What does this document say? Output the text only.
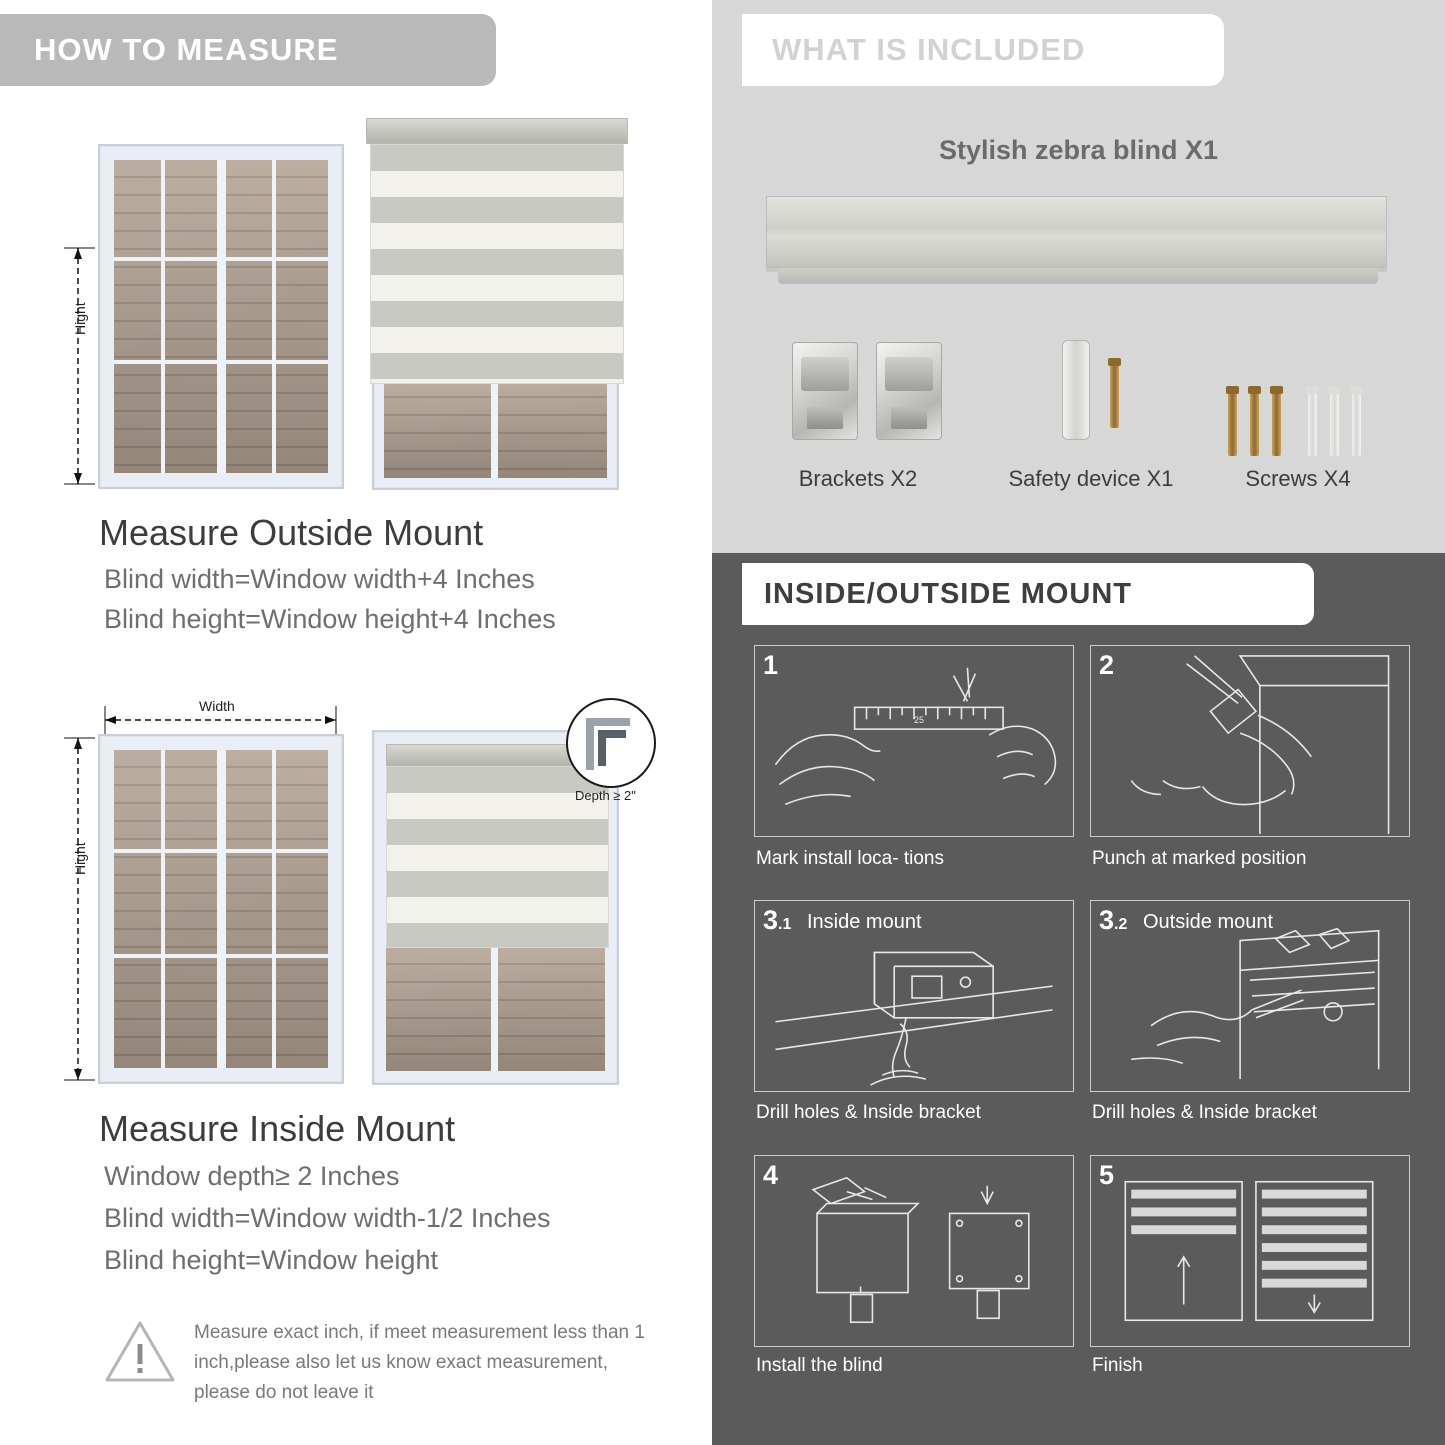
HOW TO MEASURE
Hight
Measure Outside Mount
Blind width=Window width+4 Inches
Blind height=Window height+4 Inches
Width
Hight
Depth ≥ 2"
Measure Inside Mount
Window depth≥ 2 Inches
Blind width=Window width-1/2 Inches
Blind height=Window height
Measure exact inch, if meet measurement less than 1 inch,please also let us know exact measurement, please do not leave it
WHAT IS INCLUDED
Stylish zebra blind X1
Brackets X2	Safety device X1	Screws X4
INSIDE/OUTSIDE MOUNT
1
25
Mark install loca- tions
2
Punch at marked position
3.1 Inside mount
Drill holes & Inside bracket
3.2 Outside mount
Drill holes & Inside bracket
4
Install the blind
5
Finish
